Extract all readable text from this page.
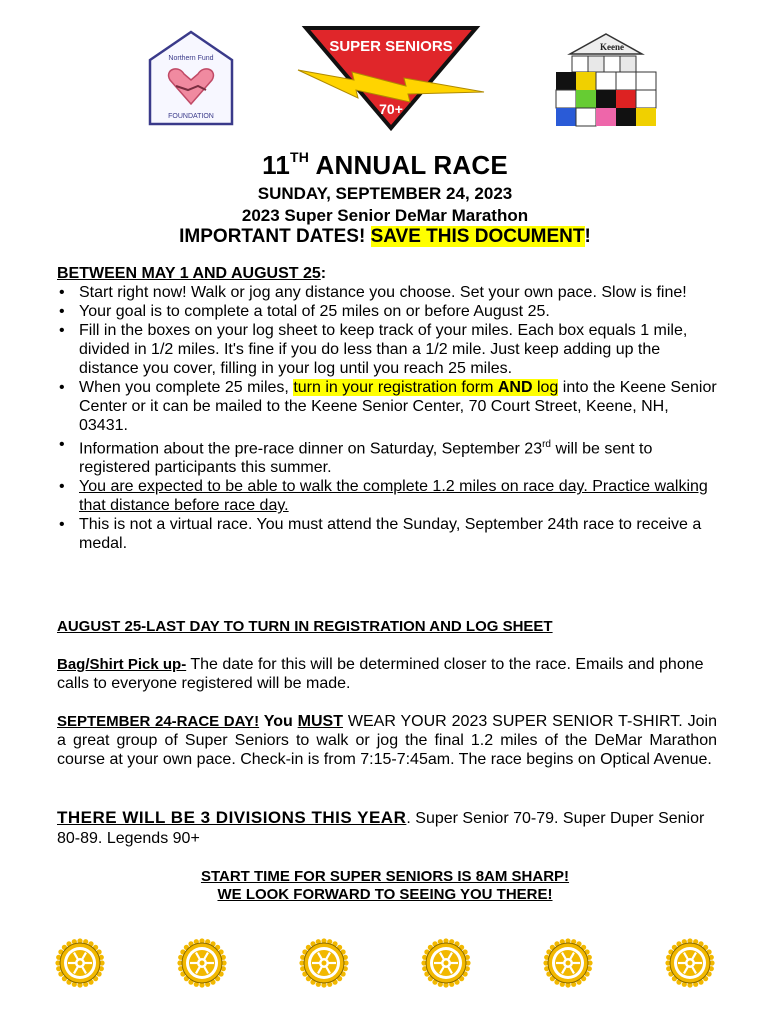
Northern Fund
FOUNDATION
SUPER SENIORS
70+
Keene
11TH ANNUAL RACE
SUNDAY, SEPTEMBER 24, 2023
2023 Super Senior DeMar Marathon
IMPORTANT DATES! SAVE THIS DOCUMENT!
BETWEEN MAY 1 AND AUGUST 25:
• Start right now! Walk or jog any distance you choose. Set your own pace. Slow is fine!
• Your goal is to complete a total of 25 miles on or before August 25.
• Fill in the boxes on your log sheet to keep track of your miles. Each box equals 1 mile, divided in 1/2 miles. It's fine if you do less than a 1/2 mile. Just keep adding up the distance you cover, filling in your log until you reach 25 miles.
• When you complete 25 miles, turn in your registration form AND log into the Keene Senior Center or it can be mailed to the Keene Senior Center, 70 Court Street, Keene, NH, 03431.
• Information about the pre-race dinner on Saturday, September 23rd will be sent to registered participants this summer.
• You are expected to be able to walk the complete 1.2 miles on race day. Practice walking that distance before race day.
• This is not a virtual race. You must attend the Sunday, September 24th race to receive a medal.
AUGUST 25-LAST DAY TO TURN IN REGISTRATION AND LOG SHEET
Bag/Shirt Pick up- The date for this will be determined closer to the race. Emails and phone calls to everyone registered will be made.
SEPTEMBER 24-RACE DAY! You MUST WEAR YOUR 2023 SUPER SENIOR T-SHIRT. Join a great group of Super Seniors to walk or jog the final 1.2 miles of the DeMar Marathon course at your own pace. Check-in is from 7:15-7:45am. The race begins on Optical Avenue.
THERE WILL BE 3 DIVISIONS THIS YEAR. Super Senior 70-79. Super Duper Senior 80-89. Legends 90+
START TIME FOR SUPER SENIORS IS 8AM SHARP!
WE LOOK FORWARD TO SEEING YOU THERE!
